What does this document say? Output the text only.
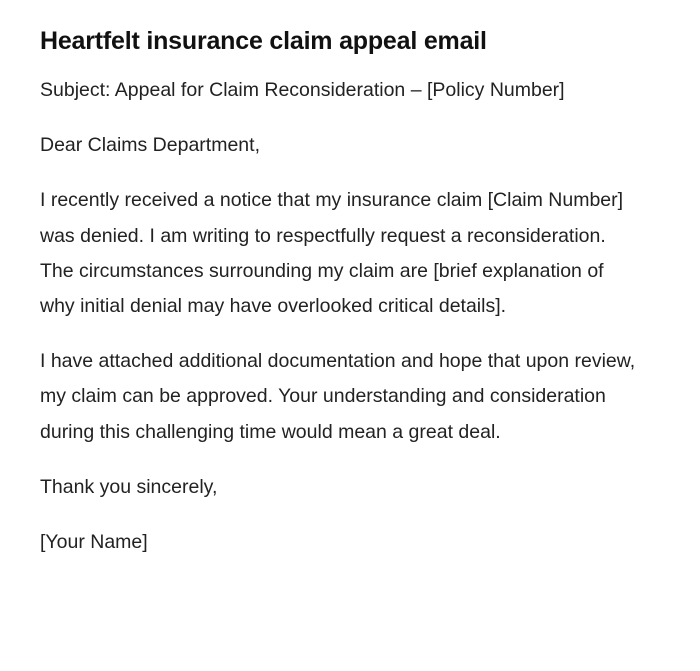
Heartfelt insurance claim appeal email

Subject: Appeal for Claim Reconsideration – [Policy Number]

Dear Claims Department,

I recently received a notice that my insurance claim [Claim Number] was denied. I am writing to respectfully request a reconsideration. The circumstances surrounding my claim are [brief explanation of why initial denial may have overlooked critical details].

I have attached additional documentation and hope that upon review, my claim can be approved. Your understanding and consideration during this challenging time would mean a great deal.

Thank you sincerely,

[Your Name]
